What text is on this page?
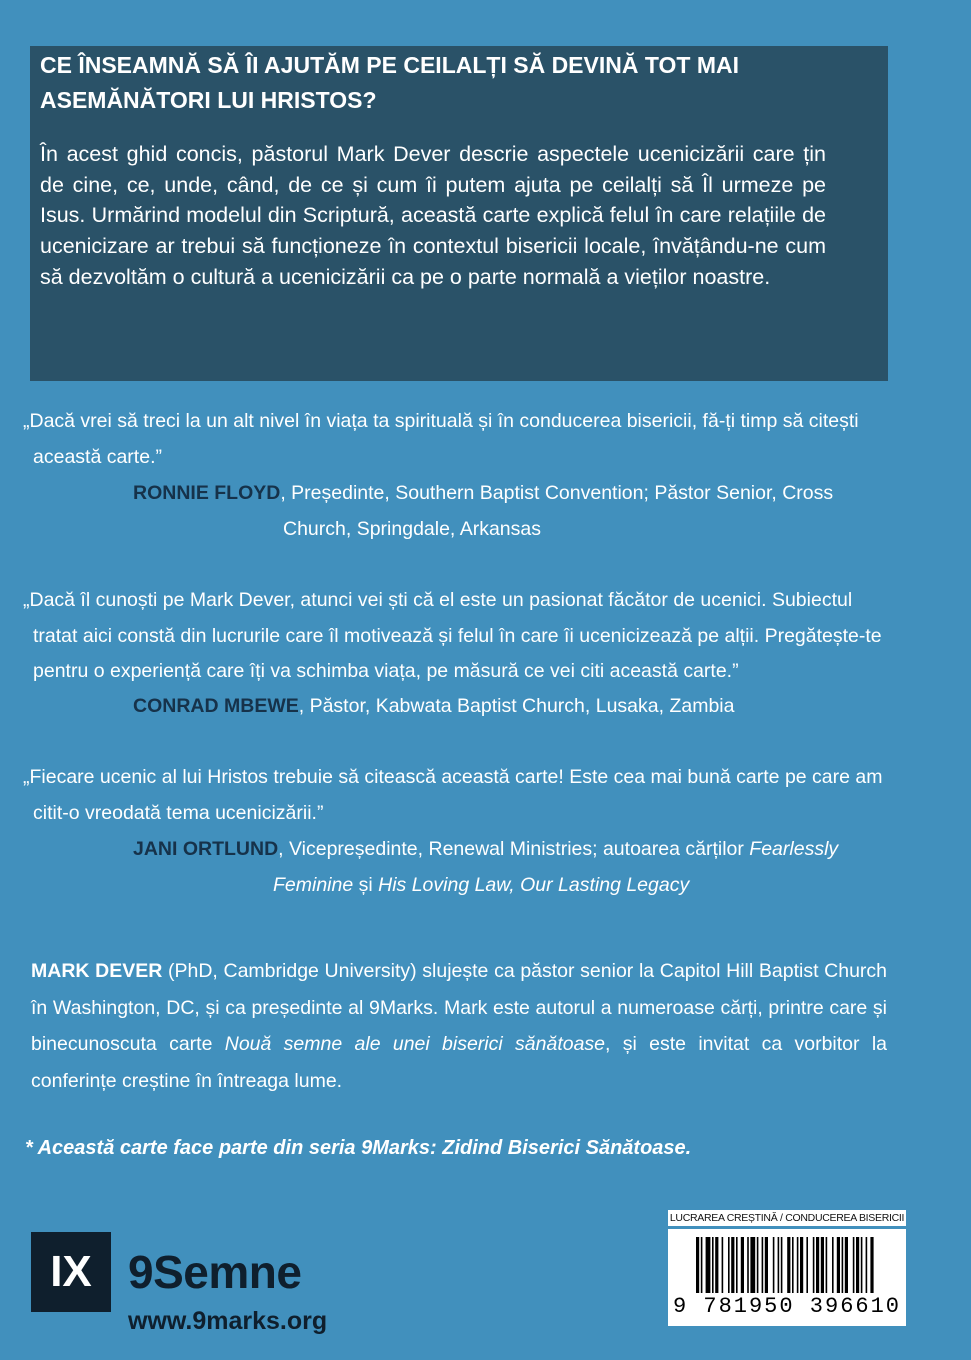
CE ÎNSEAMNĂ SĂ ÎI AJUTĂM PE CEILALȚI SĂ DEVINĂ TOT MAI ASEMĂNĂTORI LUI HRISTOS?
În acest ghid concis, păstorul Mark Dever descrie aspectele ucenicizării care țin de cine, ce, unde, când, de ce și cum îi putem ajuta pe ceilalți să Îl urmeze pe Isus. Urmărind modelul din Scriptură, această carte explică felul în care relațiile de ucenicizare ar trebui să funcționeze în contextul bisericii locale, învățându-ne cum să dezvoltăm o cultură a ucenicizării ca pe o parte normală a vieților noastre.
„Dacă vrei să treci la un alt nivel în viața ta spirituală și în conducerea bisericii, fă-ți timp să citești această carte.”
RONNIE FLOYD, Președinte, Southern Baptist Convention; Păstor Senior, Cross Church, Springdale, Arkansas
„Dacă îl cunoști pe Mark Dever, atunci vei ști că el este un pasionat făcător de ucenici. Subiectul tratat aici constă din lucrurile care îl motivează și felul în care îi ucenicizează pe alții. Pregătește-te pentru o experiență care îți va schimba viața, pe măsură ce vei citi această carte.”
CONRAD MBEWE, Păstor, Kabwata Baptist Church, Lusaka, Zambia
„Fiecare ucenic al lui Hristos trebuie să citească această carte! Este cea mai bună carte pe care am citit-o vreodată tema ucenicizării.”
JANI ORTLUND, Vicepreședinte, Renewal Ministries; autoarea cărților Fearlessly Feminine și His Loving Law, Our Lasting Legacy
MARK DEVER (PhD, Cambridge University) slujește ca păstor senior la Capitol Hill Baptist Church în Washington, DC, și ca președinte al 9Marks. Mark este autorul a numeroase cărți, printre care și binecunoscuta carte Nouă semne ale unei biserici sănătoase, și este invitat ca vorbitor la conferințe creștine în întreaga lume.
* Această carte face parte din seria 9Marks: Zidind Biserici Sănătoase.
IX 9Semne
www.9marks.org
LUCRAREA CREȘTINĂ / CONDUCEREA BISERICII
9 781950 396610
